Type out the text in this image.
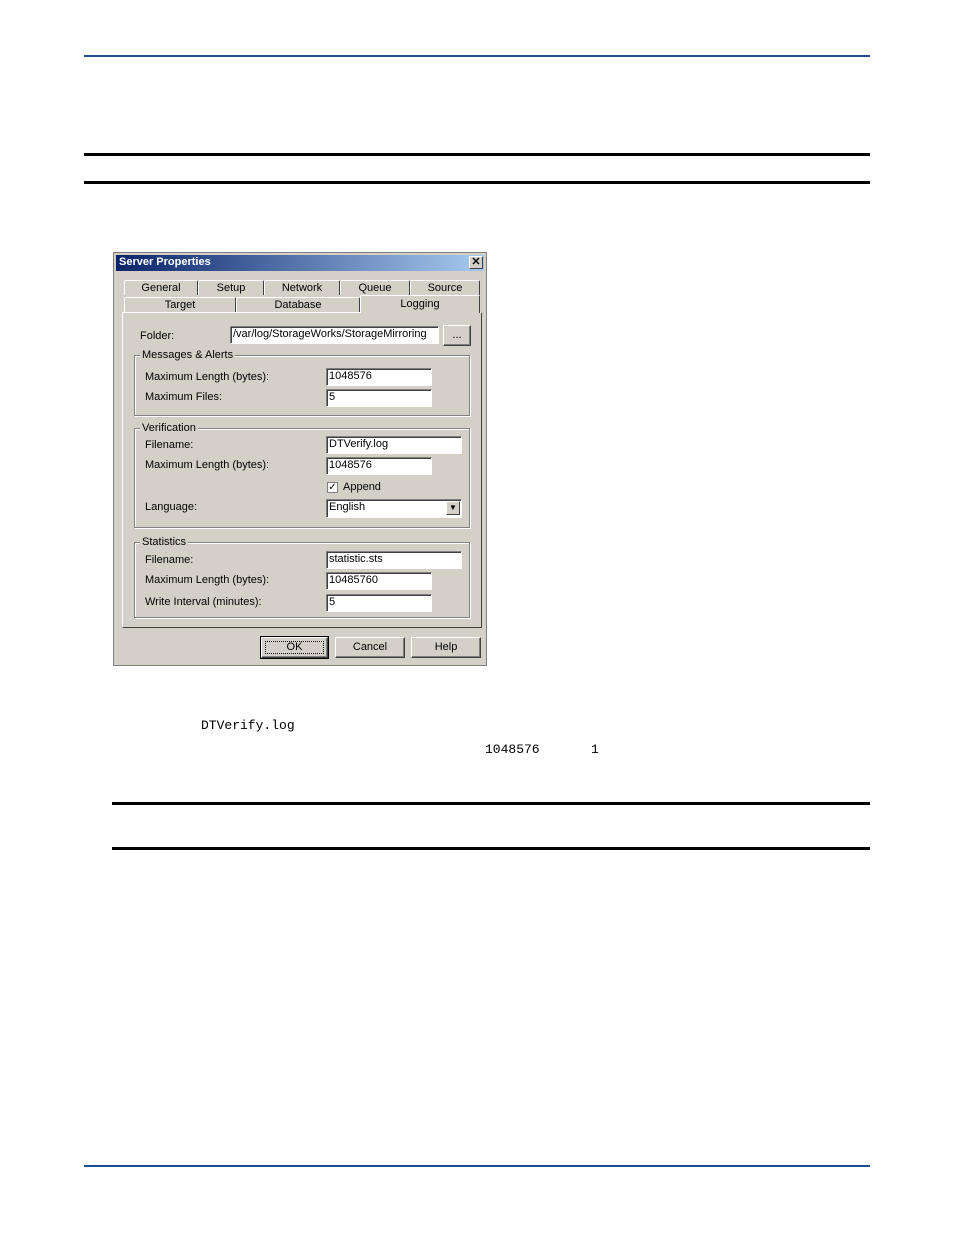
Server Properties	✕
General	Setup	Network	Queue	Source
Target	Database	Logging
Folder:	/var/log/StorageWorks/StorageMirroring	...
Messages & Alerts
Maximum Length (bytes):	1048576
Maximum Files:	5
Verification
Filename:	DTVerify.log
Maximum Length (bytes):	1048576
✓ Append
Language:	English	▼
Statistics
Filename:	statistic.sts
Maximum Length (bytes):	10485760
Write Interval (minutes):	5
OK	Cancel	Help
DTVerify.log
1048576	1
